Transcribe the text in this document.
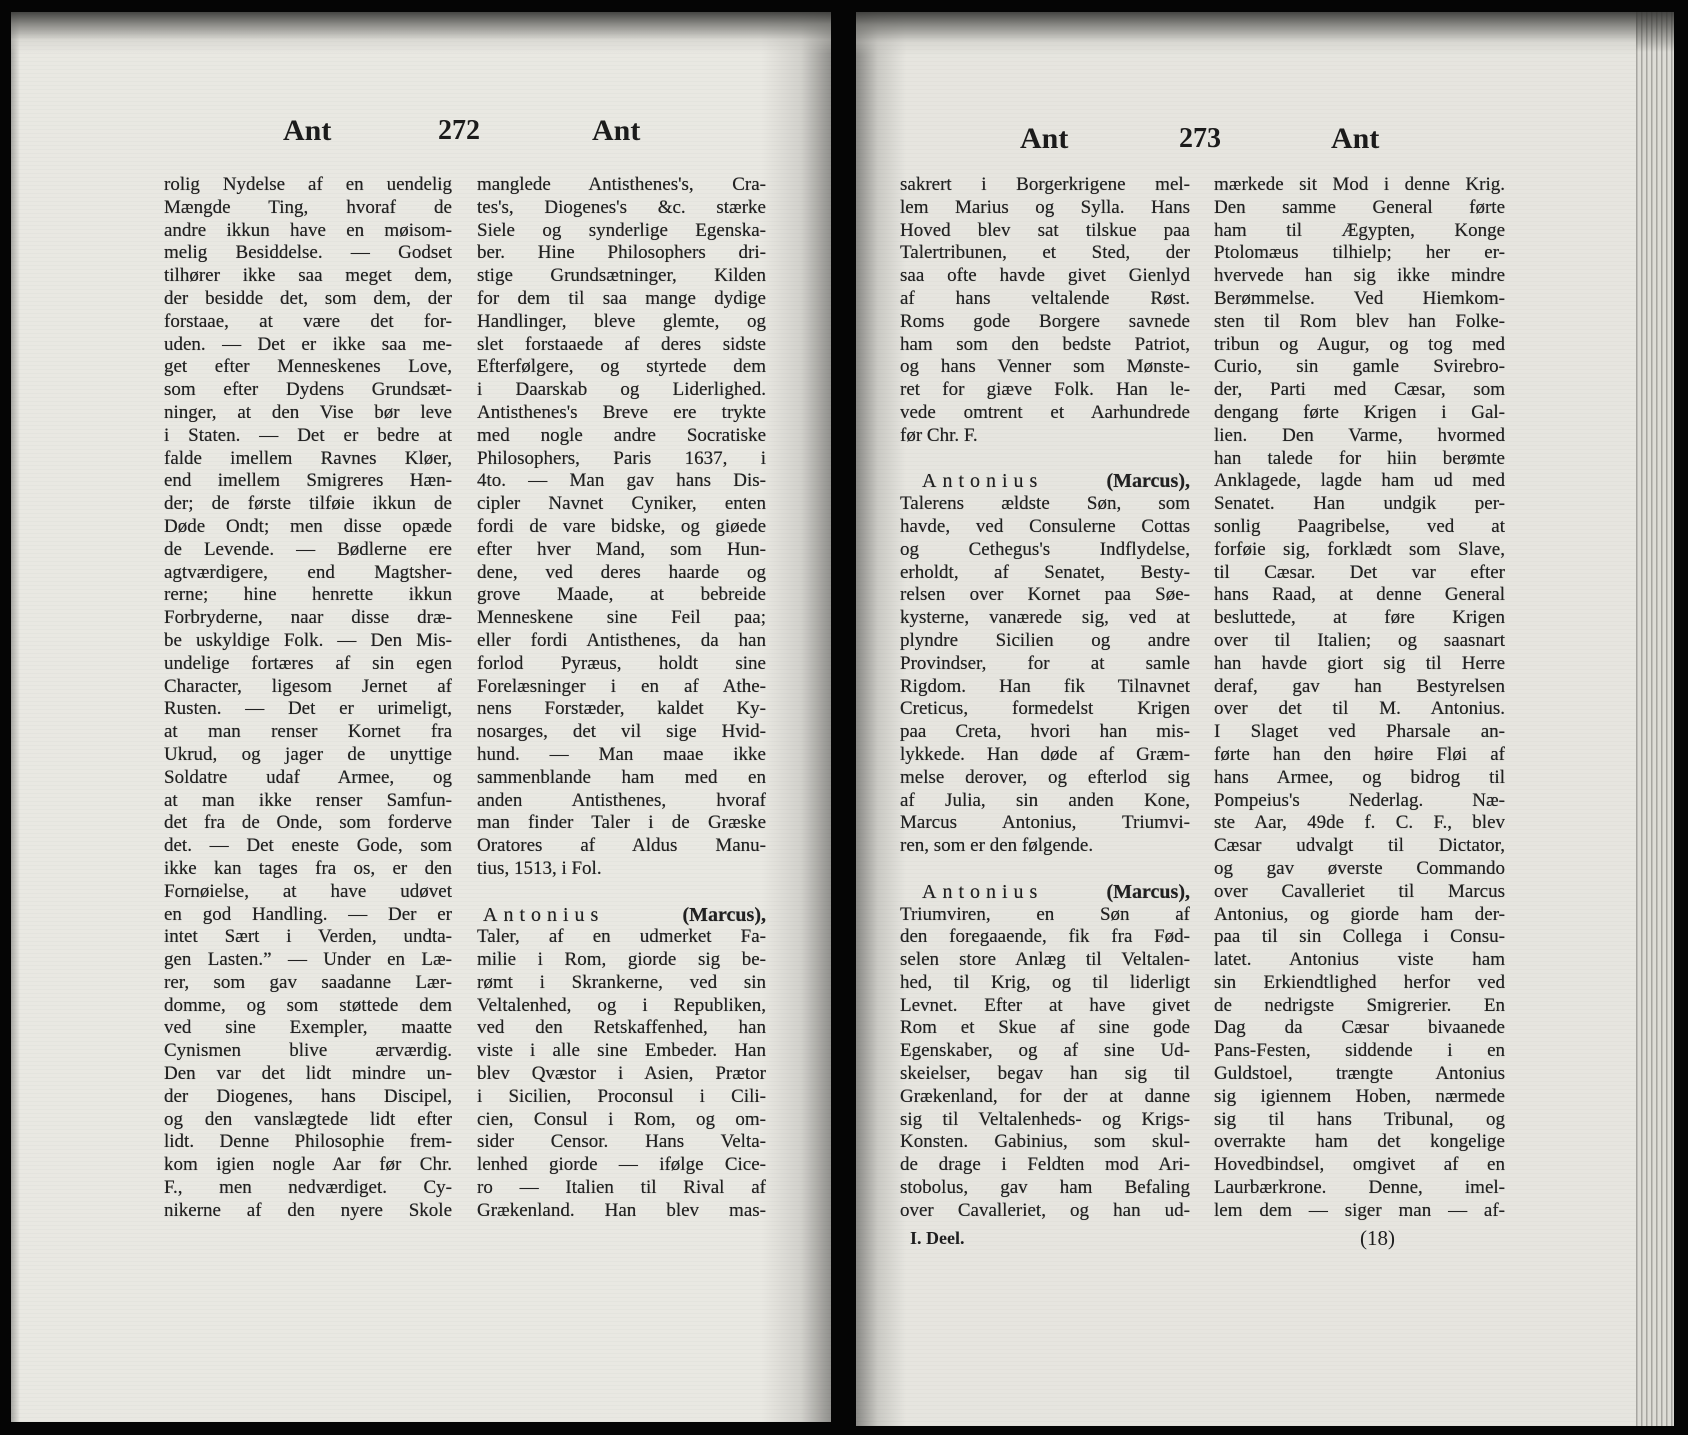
Ant	272	Ant
rolig Nydelse af en uendelig
Mængde Ting, hvoraf de
andre ikkun have en møisom-
melig Besiddelse. — Godset
tilhører ikke saa meget dem,
der besidde det, som dem, der
forstaae, at være det for-
uden. — Det er ikke saa me-
get efter Menneskenes Love,
som efter Dydens Grundsæt-
ninger, at den Vise bør leve
i Staten. — Det er bedre at
falde imellem Ravnes Kløer,
end imellem Smigreres Hæn-
der; de første tilføie ikkun de
Døde Ondt; men disse opæde
de Levende. — Bødlerne ere
agtværdigere, end Magtsher-
rerne; hine henrette ikkun
Forbryderne, naar disse dræ-
be uskyldige Folk. — Den Mis-
undelige fortæres af sin egen
Character, ligesom Jernet af
Rusten. — Det er urimeligt,
at man renser Kornet fra
Ukrud, og jager de unyttige
Soldatre udaf Armee, og
at man ikke renser Samfun-
det fra de Onde, som forderve
det. — Det eneste Gode, som
ikke kan tages fra os, er den
Fornøielse, at have udøvet
en god Handling. — Der er
intet Sært i Verden, undta-
gen Lasten.” — Under en Læ-
rer, som gav saadanne Lær-
domme, og som støttede dem
ved sine Exempler, maatte
Cynismen blive ærværdig.
Den var det lidt mindre un-
der Diogenes, hans Discipel,
og den vanslægtede lidt efter
lidt. Denne Philosophie frem-
kom igien nogle Aar før Chr.
F., men nedværdiget. Cy-
nikerne af den nyere Skole
manglede Antisthenes's, Cra-
tes's, Diogenes's &c. stærke
Siele og synderlige Egenska-
ber. Hine Philosophers dri-
stige Grundsætninger, Kilden
for dem til saa mange dydige
Handlinger, bleve glemte, og
slet forstaaede af deres sidste
Efterfølgere, og styrtede dem
i Daarskab og Liderlighed.
Antisthenes's Breve ere trykte
med nogle andre Socratiske
Philosophers, Paris 1637, i
4to. — Man gav hans Dis-
cipler Navnet Cyniker, enten
fordi de vare bidske, og giøede
efter hver Mand, som Hun-
dene, ved deres haarde og
grove Maade, at bebreide
Menneskene sine Feil paa;
eller fordi Antisthenes, da han
forlod Pyræus, holdt sine
Forelæsninger i en af Athe-
nens Forstæder, kaldet Ky-
nosarges, det vil sige Hvid-
hund. — Man maae ikke
sammenblande ham med en
anden Antisthenes, hvoraf
man finder Taler i de Græske
Oratores af Aldus Manu-
tius, 1513, i Fol.
Antonius	(Marcus),
Taler, af en udmerket Fa-
milie i Rom, giorde sig be-
rømt i Skrankerne, ved sin
Veltalenhed, og i Republiken,
ved den Retskaffenhed, han
viste i alle sine Embeder. Han
blev Qvæstor i Asien, Prætor
i Sicilien, Proconsul i Cili-
cien, Consul i Rom, og om-
sider Censor. Hans Velta-
lenhed giorde — ifølge Cice-
ro — Italien til Rival af
Grækenland. Han blev mas-
Ant	273	Ant
sakrert i Borgerkrigene mel-
lem Marius og Sylla. Hans
Hoved blev sat tilskue paa
Talertribunen, et Sted, der
saa ofte havde givet Gienlyd
af hans veltalende Røst.
Roms gode Borgere savnede
ham som den bedste Patriot,
og hans Venner som Mønste-
ret for giæve Folk. Han le-
vede omtrent et Aarhundrede
før Chr. F.
Antonius	(Marcus),
Talerens ældste Søn, som
havde, ved Consulerne Cottas
og Cethegus's Indflydelse,
erholdt, af Senatet, Besty-
relsen over Kornet paa Søe-
kysterne, vanærede sig, ved at
plyndre Sicilien og andre
Provindser, for at samle
Rigdom. Han fik Tilnavnet
Creticus, formedelst Krigen
paa Creta, hvori han mis-
lykkede. Han døde af Græm-
melse derover, og efterlod sig
af Julia, sin anden Kone,
Marcus Antonius, Triumvi-
ren, som er den følgende.
Antonius	(Marcus),
Triumviren, en Søn af
den foregaaende, fik fra Fød-
selen store Anlæg til Veltalen-
hed, til Krig, og til liderligt
Levnet. Efter at have givet
Rom et Skue af sine gode
Egenskaber, og af sine Ud-
skeielser, begav han sig til
Grækenland, for der at danne
sig til Veltalenheds- og Krigs-
Konsten. Gabinius, som skul-
de drage i Feldten mod Ari-
stobolus, gav ham Befaling
over Cavalleriet, og han ud-
mærkede sit Mod i denne Krig.
Den samme General førte
ham til Ægypten, Konge
Ptolomæus tilhielp; her er-
hvervede han sig ikke mindre
Berømmelse. Ved Hiemkom-
sten til Rom blev han Folke-
tribun og Augur, og tog med
Curio, sin gamle Svirebro-
der, Parti med Cæsar, som
dengang førte Krigen i Gal-
lien. Den Varme, hvormed
han talede for hiin berømte
Anklagede, lagde ham ud med
Senatet. Han undgik per-
sonlig Paagribelse, ved at
forføie sig, forklædt som Slave,
til Cæsar. Det var efter
hans Raad, at denne General
besluttede, at føre Krigen
over til Italien; og saasnart
han havde giort sig til Herre
deraf, gav han Bestyrelsen
over det til M. Antonius.
I Slaget ved Pharsale an-
førte han den høire Fløi af
hans Armee, og bidrog til
Pompeius's Nederlag. Næ-
ste Aar, 49de f. C. F., blev
Cæsar udvalgt til Dictator,
og gav øverste Commando
over Cavalleriet til Marcus
Antonius, og giorde ham der-
paa til sin Collega i Consu-
latet. Antonius viste ham
sin Erkiendtlighed herfor ved
de nedrigste Smigrerier. En
Dag da Cæsar bivaanede
Pans-Festen, siddende i en
Guldstoel, trængte Antonius
sig igiennem Hoben, nærmede
sig til hans Tribunal, og
overrakte ham det kongelige
Hovedbindsel, omgivet af en
Laurbærkrone. Denne, imel-
lem dem — siger man — af-
I. Deel.	(18)
